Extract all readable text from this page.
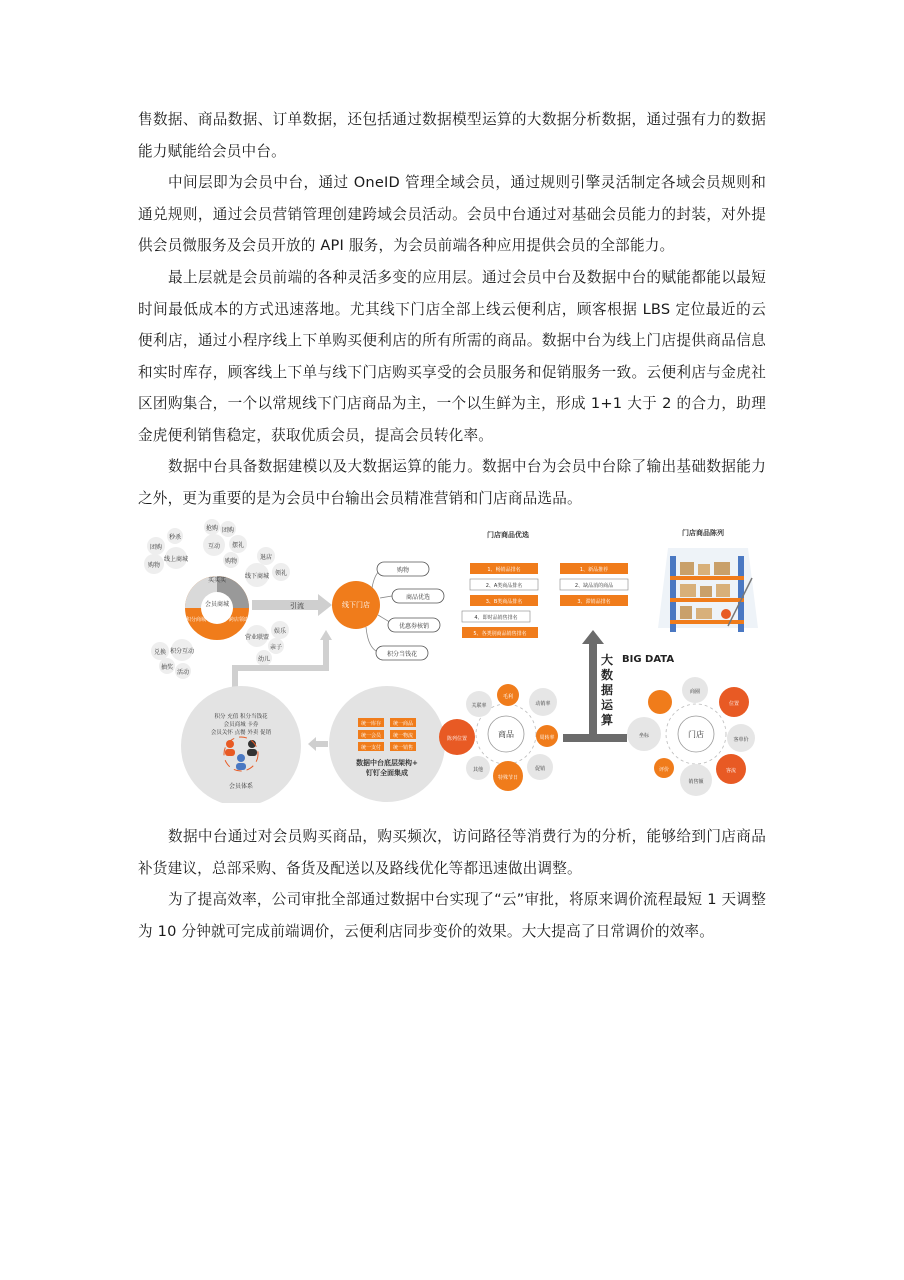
售数据、商品数据、订单数据，还包括通过数据模型运算的大数据分析数据，通过强有力的数据能力赋能给会员中台。

中间层即为会员中台，通过 OneID 管理全域会员，通过规则引擎灵活制定各域会员规则和通兑规则，通过会员营销管理创建跨域会员活动。会员中台通过对基础会员能力的封装，对外提供会员微服务及会员开放的 API 服务，为会员前端各种应用提供会员的全部能力。

最上层就是会员前端的各种灵活多变的应用层。通过会员中台及数据中台的赋能都能以最短时间最低成本的方式迅速落地。尤其线下门店全部上线云便利店，顾客根据 LBS 定位最近的云便利店，通过小程序线上下单购买便利店的所有所需的商品。数据中台为线上门店提供商品信息和实时库存，顾客线上下单与线下门店购买享受的会员服务和促销服务一致。云便利店与金虎社区团购集合，一个以常规线下门店商品为主，一个以生鲜为主，形成 1+1 大于 2 的合力，助理金虎便利销售稳定，获取优质会员，提高会员转化率。

数据中台具备数据建模以及大数据运算的能力。数据中台为会员中台除了输出基础数据能力之外，更为重要的是为会员中台输出会员精准营销和门店商品选品。

团购
秒杀
购物
线上商城
抢购 团购
互动 摆礼
购物
线下商城
退店
领礼
营业联盟
娱乐
亲子
幼儿
兑换 积分互动
抽奖
活动
会员商城
买买买
积分商城	跨店领取
引流	线下门店
购物
商品优选
优惠券核销
积分当钱花
积分 充值 积分当钱花
会员商城 卡券
会员关怀 点餐 外卖 促销
会员体系
统一库存 统一商品
统一会员 统一物流
统一支付 统一销售
数据中台底层架构+
钉钉全面集成
门店商品优选
1、畅销品排名
2、A类商品排名
3、B类商品排名
4、即时品销售排名
5、各类别商品销售排名
1、新品推荐
2、缺品消的商品
3、滞销品排名
门店商品陈列
BIG DATA
大
数
据
运
算
商品
毛利
动销率
关联率
周转率
促销
特殊节日
其他
陈列位置	门店
商圈
位置
客单价
客流
销售额
评价
坐标

数据中台通过对会员购买商品，购买频次，访问路径等消费行为的分析，能够给到门店商品补货建议，总部采购、备货及配送以及路线优化等都迅速做出调整。

为了提高效率，公司审批全部通过数据中台实现了“云”审批，将原来调价流程最短 1 天调整为 10 分钟就可完成前端调价，云便利店同步变价的效果。大大提高了日常调价的效率。
